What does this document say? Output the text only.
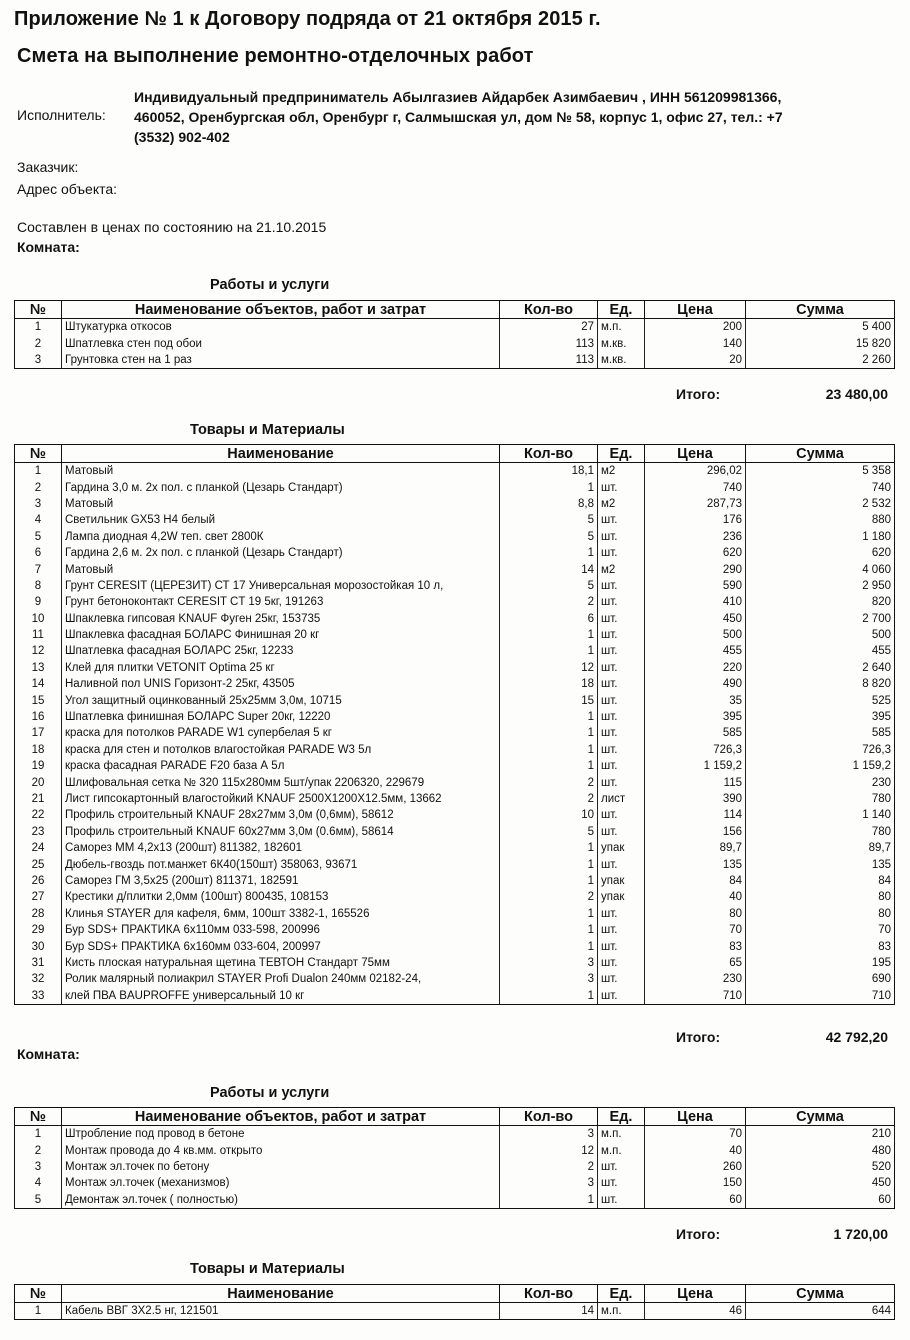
Приложение № 1 к Договору подряда от 21 октября 2015 г.
Смета на выполнение ремонтно-отделочных работ
Исполнитель:
Индивидуальный предприниматель Абылгазиев Айдарбек Азимбаевич , ИНН 561209981366,
460052, Оренбургская обл, Оренбург г, Салмышская ул, дом № 58, корпус 1, офис 27, тел.: +7
(3532) 902-402
Заказчик:
Адрес объекта:
Составлен в ценах по состоянию на 21.10.2015
Комната:
Работы и услуги
№	Наименование объектов, работ и затрат	Кол-во	Ед.	Цена	Сумма
1	Штукатурка откосов	27	м.п.	200	5 400
2	Шпатлевка стен под обои	113	м.кв.	140	15 820
3	Грунтовка стен на 1 раз	113	м.кв.	20	2 260
Итого:	23 480,00
Товары и Материалы
№	Наименование	Кол-во	Ед.	Цена	Сумма
1	Матовый	18,1	м2	296,02	5 358
2	Гардина 3,0 м. 2х пол. с планкой (Цезарь Стандарт)	1	шт.	740	740
3	Матовый	8,8	м2	287,73	2 532
4	Светильник GX53 H4 белый	5	шт.	176	880
5	Лампа диодная 4,2W теп. свет 2800К	5	шт.	236	1 180
6	Гардина 2,6 м. 2х пол. с планкой (Цезарь Стандарт)	1	шт.	620	620
7	Матовый	14	м2	290	4 060
8	Грунт CERESIT (ЦЕРЕЗИТ) СТ 17 Универсальная морозостойкая 10 л,	5	шт.	590	2 950
9	Грунт бетоноконтакт CERESIT CT 19 5кг, 191263	2	шт.	410	820
10	Шпаклевка гипсовая KNAUF Фуген 25кг, 153735	6	шт.	450	2 700
11	Шпаклевка фасадная БОЛАРС Финишная 20 кг	1	шт.	500	500
12	Шпатлевка фасадная БОЛАРС 25кг, 12233	1	шт.	455	455
13	Клей для плитки VETONIT Optima 25 кг	12	шт.	220	2 640
14	Наливной пол UNIS Горизонт-2 25кг, 43505	18	шт.	490	8 820
15	Угол защитный оцинкованный 25х25мм 3,0м, 10715	15	шт.	35	525
16	Шпатлевка финишная БОЛАРС Super 20кг, 12220	1	шт.	395	395
17	краска для потолков PARADE W1 супербелая 5 кг	1	шт.	585	585
18	краска для стен и потолков влагостойкая PARADE W3 5л	1	шт.	726,3	726,3
19	краска фасадная PARADE F20 база А 5л	1	шт.	1 159,2	1 159,2
20	Шлифовальная сетка № 320 115х280мм 5шт/упак 2206320, 229679	2	шт.	115	230
21	Лист гипсокартонный влагостойкий KNAUF 2500Х1200Х12.5мм, 13662	2	лист	390	780
22	Профиль строительный KNAUF 28х27мм 3,0м (0,6мм), 58612	10	шт.	114	1 140
23	Профиль строительный KNAUF 60х27мм 3,0м (0.6мм), 58614	5	шт.	156	780
24	Саморез ММ 4,2х13 (200шт) 811382, 182601	1	упак	89,7	89,7
25	Дюбель-гвоздь пот.манжет 6К40(150шт) 358063, 93671	1	шт.	135	135
26	Саморез ГМ 3,5х25 (200шт) 811371, 182591	1	упак	84	84
27	Крестики д/плитки 2,0мм (100шт) 800435, 108153	2	упак	40	80
28	Клинья STAYER для кафеля, 6мм, 100шт 3382-1, 165526	1	шт.	80	80
29	Бур SDS+ ПРАКТИКА 6х110мм 033-598, 200996	1	шт.	70	70
30	Бур SDS+ ПРАКТИКА 6х160мм 033-604, 200997	1	шт.	83	83
31	Кисть плоская натуральная щетина ТЕВТОН Стандарт 75мм	3	шт.	65	195
32	Ролик малярный полиакрил STAYER Profi Dualon 240мм 02182-24,	3	шт.	230	690
33	клей ПВА BAUPROFFE универсальный 10 кг	1	шт.	710	710
Итого:	42 792,20
Комната:
Работы и услуги
№	Наименование объектов, работ и затрат	Кол-во	Ед.	Цена	Сумма
1	Штробление под провод в бетоне	3	м.п.	70	210
2	Монтаж провода до 4 кв.мм. открыто	12	м.п.	40	480
3	Монтаж эл.точек по бетону	2	шт.	260	520
4	Монтаж эл.точек (механизмов)	3	шт.	150	450
5	Демонтаж эл.точек ( полностью)	1	шт.	60	60
Итого:	1 720,00
Товары и Материалы
№	Наименование	Кол-во	Ед.	Цена	Сумма
1	Кабель ВВГ 3Х2.5 нг, 121501	14	м.п.	46	644
